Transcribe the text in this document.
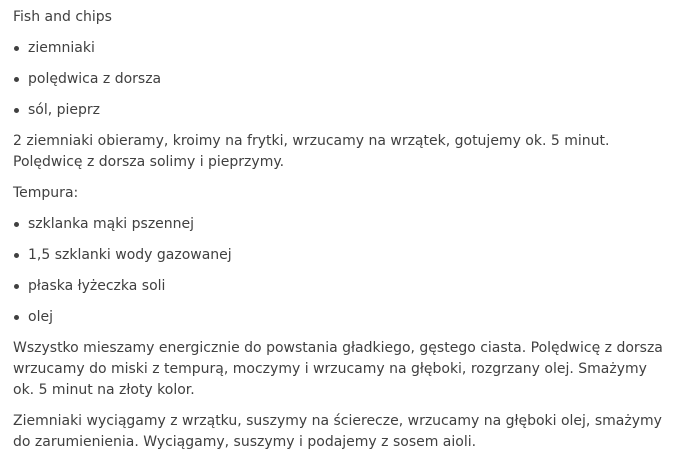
Fish and chips

ziemniaki
polędwica z dorsza
sól, pieprz

2 ziemniaki obieramy, kroimy na frytki, wrzucamy na wrzątek, gotujemy ok. 5 minut. Polędwicę z dorsza solimy i pieprzymy.

Tempura:

szklanka mąki pszennej
1,5 szklanki wody gazowanej
płaska łyżeczka soli
olej

Wszystko mieszamy energicznie do powstania gładkiego, gęstego ciasta. Polędwicę z dorsza wrzucamy do miski z tempurą, moczymy i wrzucamy na głęboki, rozgrzany olej. Smażymy ok. 5 minut na złoty kolor.

Ziemniaki wyciągamy z wrzątku, suszymy na ścierecze, wrzucamy na głęboki olej, smażymy do zarumienienia. Wyciągamy, suszymy i podajemy z sosem aioli.
